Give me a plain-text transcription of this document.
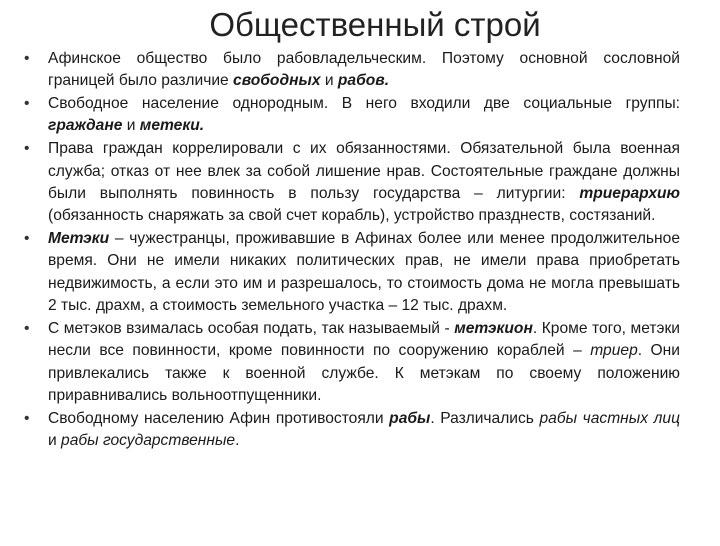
Общественный строй
• Афинское общество было рабовладельческим. Поэтому основной сословной границей было различие свободных и рабов.
• Свободное население однородным. В него входили две социальные группы: граждане и метеки.
• Права граждан коррелировали с их обязанностями. Обязательной была военная служба; отказ от нее влек за собой лишение нрав. Состоятельные граждане должны были выполнять повинность в пользу государства – литургии: триерархию (обязанность снаряжать за свой счет корабль), устройство празднеств, состязаний.
• Метэки – чужестранцы, проживавшие в Афинах более или менее продолжительное время. Они не имели никаких политических прав, не имели права приобретать недвижимость, а если это им и разрешалось, то стоимость дома не могла превышать 2 тыс. драхм, а стоимость земельного участка – 12 тыс. драхм.
• С метэков взималась особая подать, так называемый - метэкион. Кроме того, метэки несли все повинности, кроме повинности по сооружению кораблей – триер. Они привлекались также к военной службе. К метэкам по своему положению приравнивались вольноотпущенники.
• Свободному населению Афин противостояли рабы. Различались рабы частных лиц и рабы государственные.
